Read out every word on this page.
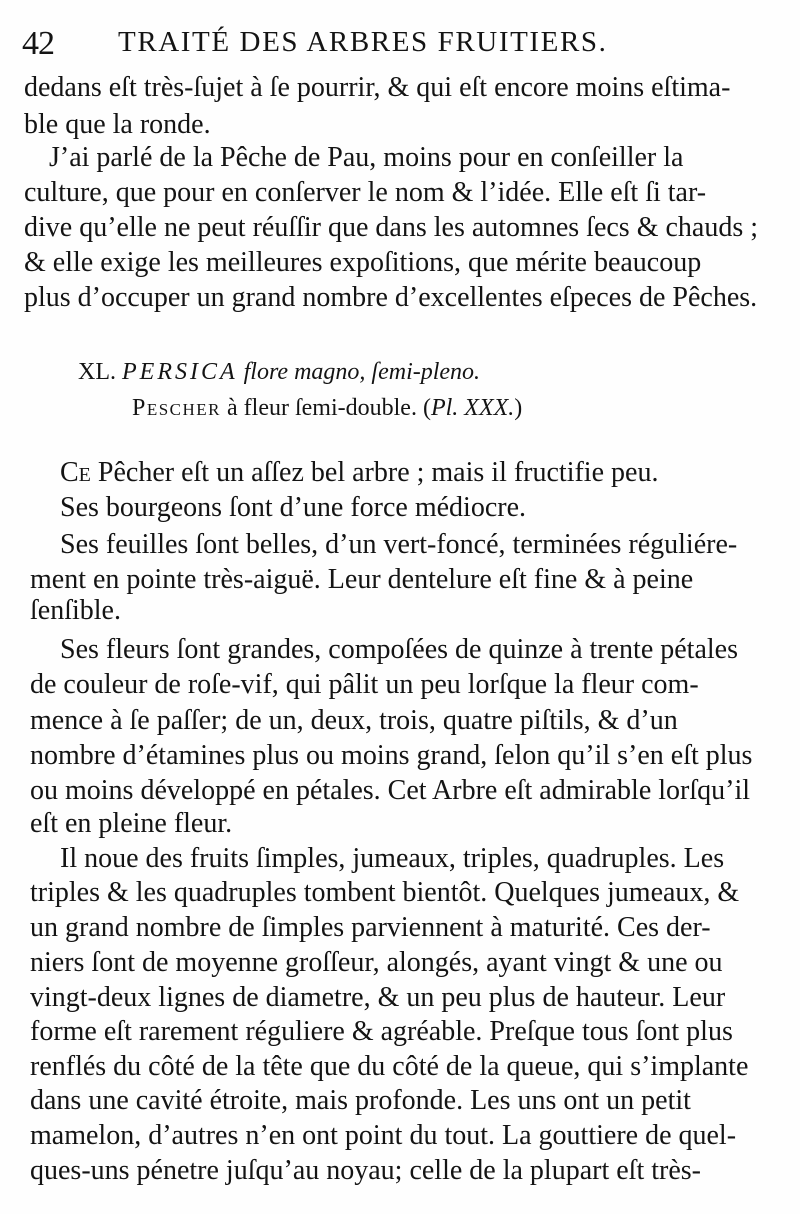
42 TRAITÉ DES ARBRES FRUITIERS.
dedans eſt très-ſujet à ſe pourrir, & qui eſt encore moins eſtima-
ble que la ronde.
J’ai parlé de la Pêche de Pau, moins pour en conſeiller la
culture, que pour en conſerver le nom & l’idée. Elle eſt ſi tar-
dive qu’elle ne peut réuſſir que dans les automnes ſecs & chauds ;
& elle exige les meilleures expoſitions, que mérite beaucoup
plus d’occuper un grand nombre d’excellentes eſpeces de Pêches.
XL. PERSICA flore magno, ſemi-pleno.
Pescher à fleur ſemi-double. (Pl. XXX.)
Ce Pêcher eſt un aſſez bel arbre ; mais il fructifie peu.
Ses bourgeons ſont d’une force médiocre.
Ses feuilles ſont belles, d’un vert-foncé, terminées réguliére-
ment en pointe très-aiguë. Leur dentelure eſt fine & à peine
ſenſible.
Ses fleurs ſont grandes, compoſées de quinze à trente pétales
de couleur de roſe-vif, qui pâlit un peu lorſque la fleur com-
mence à ſe paſſer; de un, deux, trois, quatre piſtils, & d’un
nombre d’étamines plus ou moins grand, ſelon qu’il s’en eſt plus
ou moins développé en pétales. Cet Arbre eſt admirable lorſqu’il
eſt en pleine fleur.
Il noue des fruits ſimples, jumeaux, triples, quadruples. Les
triples & les quadruples tombent bientôt. Quelques jumeaux, &
un grand nombre de ſimples parviennent à maturité. Ces der-
niers ſont de moyenne groſſeur, alongés, ayant vingt & une ou
vingt-deux lignes de diametre, & un peu plus de hauteur. Leur
forme eſt rarement réguliere & agréable. Preſque tous ſont plus
renflés du côté de la tête que du côté de la queue, qui s’implante
dans une cavité étroite, mais profonde. Les uns ont un petit
mamelon, d’autres n’en ont point du tout. La gouttiere de quel-
ques-uns pénetre juſqu’au noyau; celle de la plupart eſt très-
